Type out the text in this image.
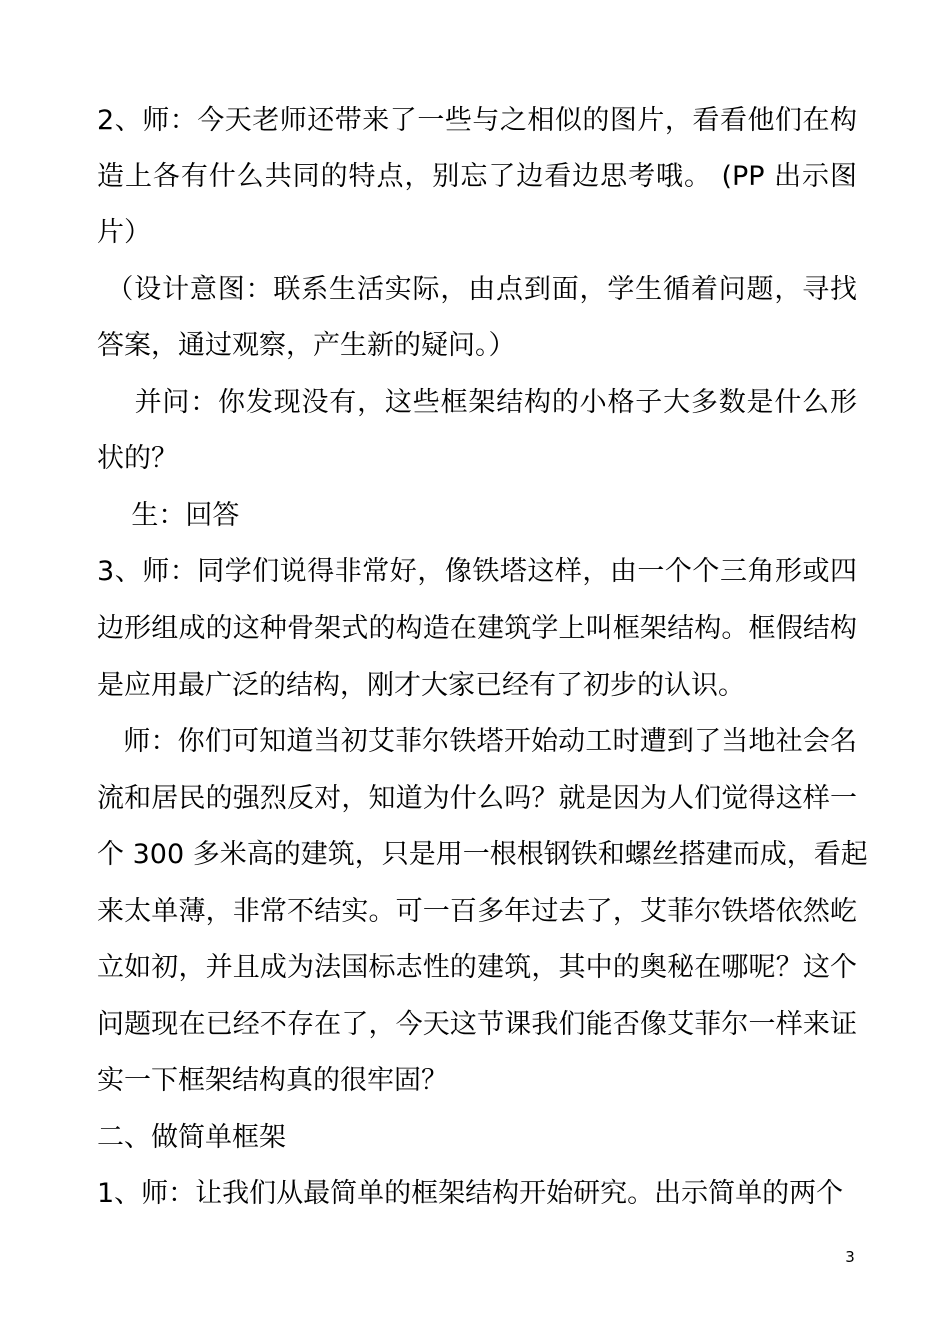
2、师：今天老师还带来了一些与之相似的图片，看看他们在构
造上各有什么共同的特点，别忘了边看边思考哦。 (PP 出示图
片）
（设计意图：联系生活实际，由点到面，学生循着问题，寻找
答案，通过观察，产生新的疑问。）
并问：你发现没有，这些框架结构的小格子大多数是什么形
状的？
生：回答
3、师：同学们说得非常好，像铁塔这样，由一个个三角形或四
边形组成的这种骨架式的构造在建筑学上叫框架结构。框假结构
是应用最广泛的结构，刚才大家已经有了初步的认识。
师：你们可知道当初艾菲尔铁塔开始动工时遭到了当地社会名
流和居民的强烈反对，知道为什么吗？就是因为人们觉得这样一
个 300 多米高的建筑，只是用一根根钢铁和螺丝搭建而成，看起
来太单薄，非常不结实。可一百多年过去了，艾菲尔铁塔依然屹
立如初，并且成为法国标志性的建筑，其中的奥秘在哪呢？这个
问题现在已经不存在了，今天这节课我们能否像艾菲尔一样来证
实一下框架结构真的很牢固？
二、做简单框架
1、师：让我们从最简单的框架结构开始研究。出示简单的两个
3
